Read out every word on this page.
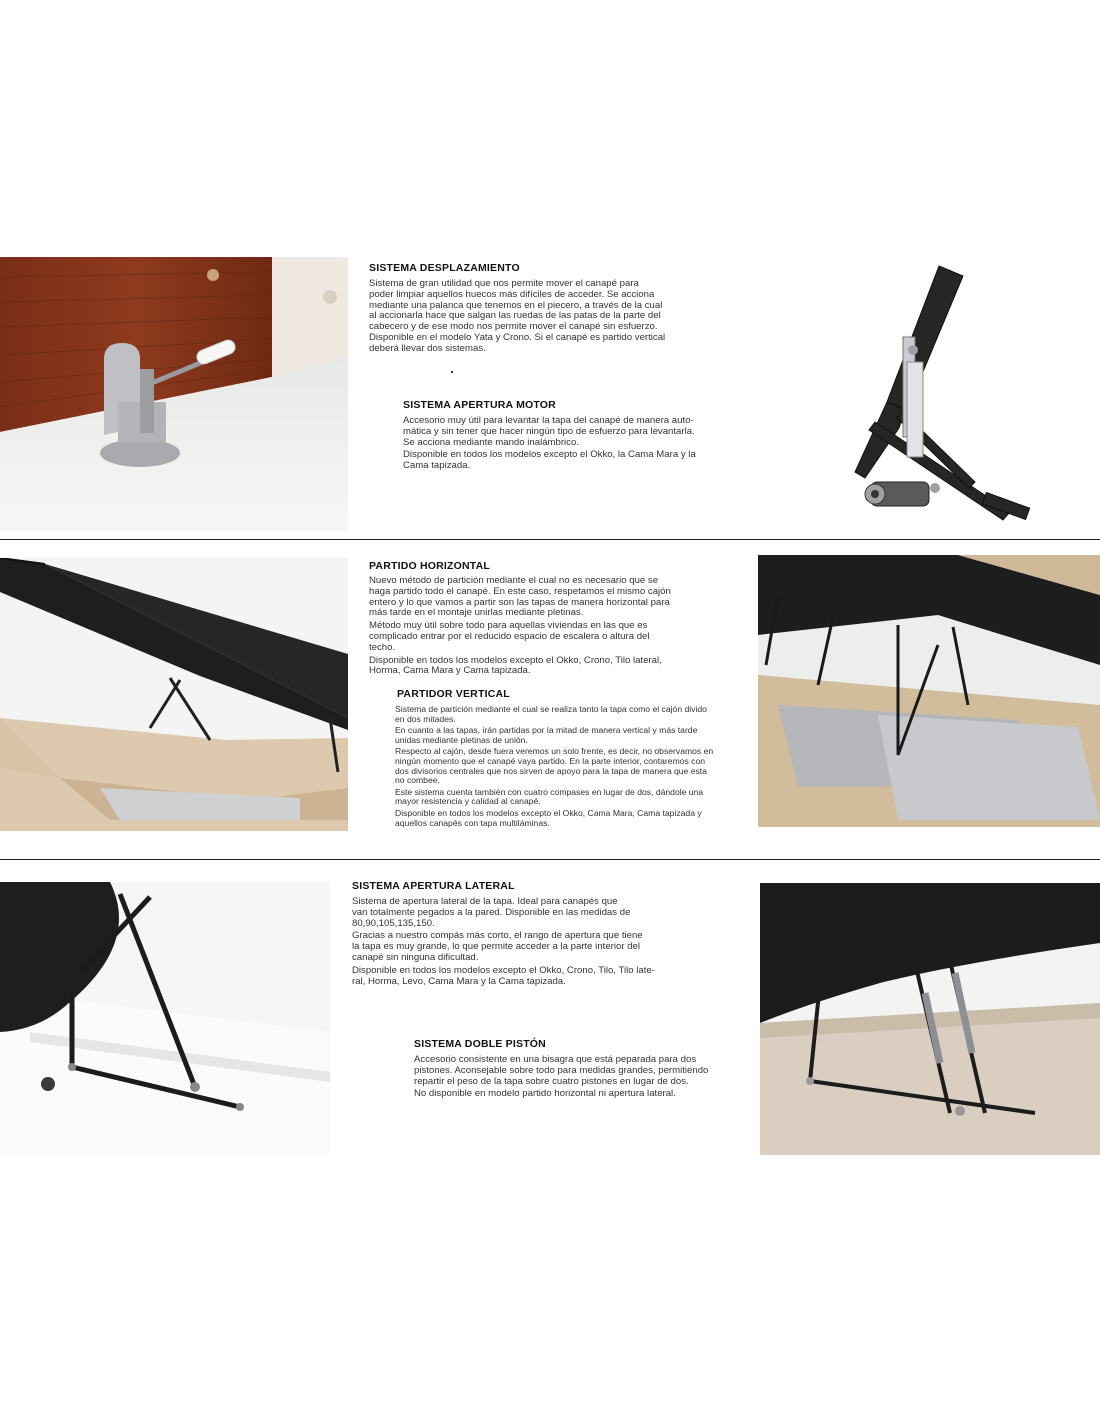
SISTEMA DESPLAZAMIENTO

Sistema de gran utilidad que nos permite mover el canapé para
poder limpiar aquellos huecos más difíciles de acceder. Se acciona
mediante una palanca que tenemos en el piecero, a través de la cual
al accionarla hace que salgan las ruedas de las patas de la parte del
cabecero y de ese modo nos permite mover el canapé sin esfuerzo.
Disponible en el modelo Yata y Crono. Si el canapé es partido vertical
deberá llevar dos sistemas.

SISTEMA APERTURA MOTOR

Accesorio muy útil para levantar la tapa del canapé de manera auto-
mática y sin tener que hacer ningún tipo de esfuerzo para levantarla.
Se acciona mediante mando inalámbrico.

Disponible en todos los modelos excepto el Okko, la Cama Mara y la
Cama tapizada.

PARTIDO HORIZONTAL

Nuevo método de partición mediante el cual no es necesario que se
haga partido todo el canapé. En este caso, respetamos el mismo cajón
entero y lo que vamos a partir son las tapas de manera horizontal para
más tarde en el montaje unirlas mediante pletinas.

Método muy útil sobre todo para aquellas viviendas en las que es
complicado entrar por el reducido espacio de escalera o altura del
techo.

Disponible en todos los modelos excepto el Okko, Crono, Tilo lateral,
Horma, Cama Mara y Cama tapizada.

PARTIDOR VERTICAL

Sistema de partición mediante el cual se realiza tanto la tapa como el cajón divido
en dos mitades.

En cuanto a las tapas, irán partidas por la mitad de manera vertical y más tarde
unidas mediante pletinas de unión.

Respecto al cajón, desde fuera veremos un solo frente, es decir, no observamos en
ningún momento que el canapé vaya partido. En la parte interior, contaremos con
dos divisorios centrales que nos sirven de apoyo para la tapa de manera que esta
no combee.

Este sistema cuenta también con cuatro compases en lugar de dos, dándole una
mayor resistencia y calidad al canapé.

Disponible en todos los modelos excepto el Okko, Cama Mara, Cama tapizada y
aquellos canapés con tapa multiláminas.

SISTEMA APERTURA LATERAL

Sistema de apertura lateral de la tapa. Ideal para canapés que
van totalmente pegados a la pared. Disponible en las medidas de
80,90,105,135,150.

Gracias a nuestro compás más corto, el rango de apertura que tiene
la tapa es muy grande, lo que permite acceder a la parte interior del
canapé sin ninguna dificultad.

Disponible en todos los modelos excepto el Okko, Crono, Tilo, Tilo late-
ral, Horma, Levo, Cama Mara y la Cama tapizada.

SISTEMA DOBLE PISTÓN

Accesorio consistente en una bisagra que está peparada para dos
pistones. Aconsejable sobre todo para medidas grandes, permitiendo
repartir el peso de la tapa sobre cuatro pistones en lugar de dos.

No disponible en modelo partido horizontal ni apertura lateral.
